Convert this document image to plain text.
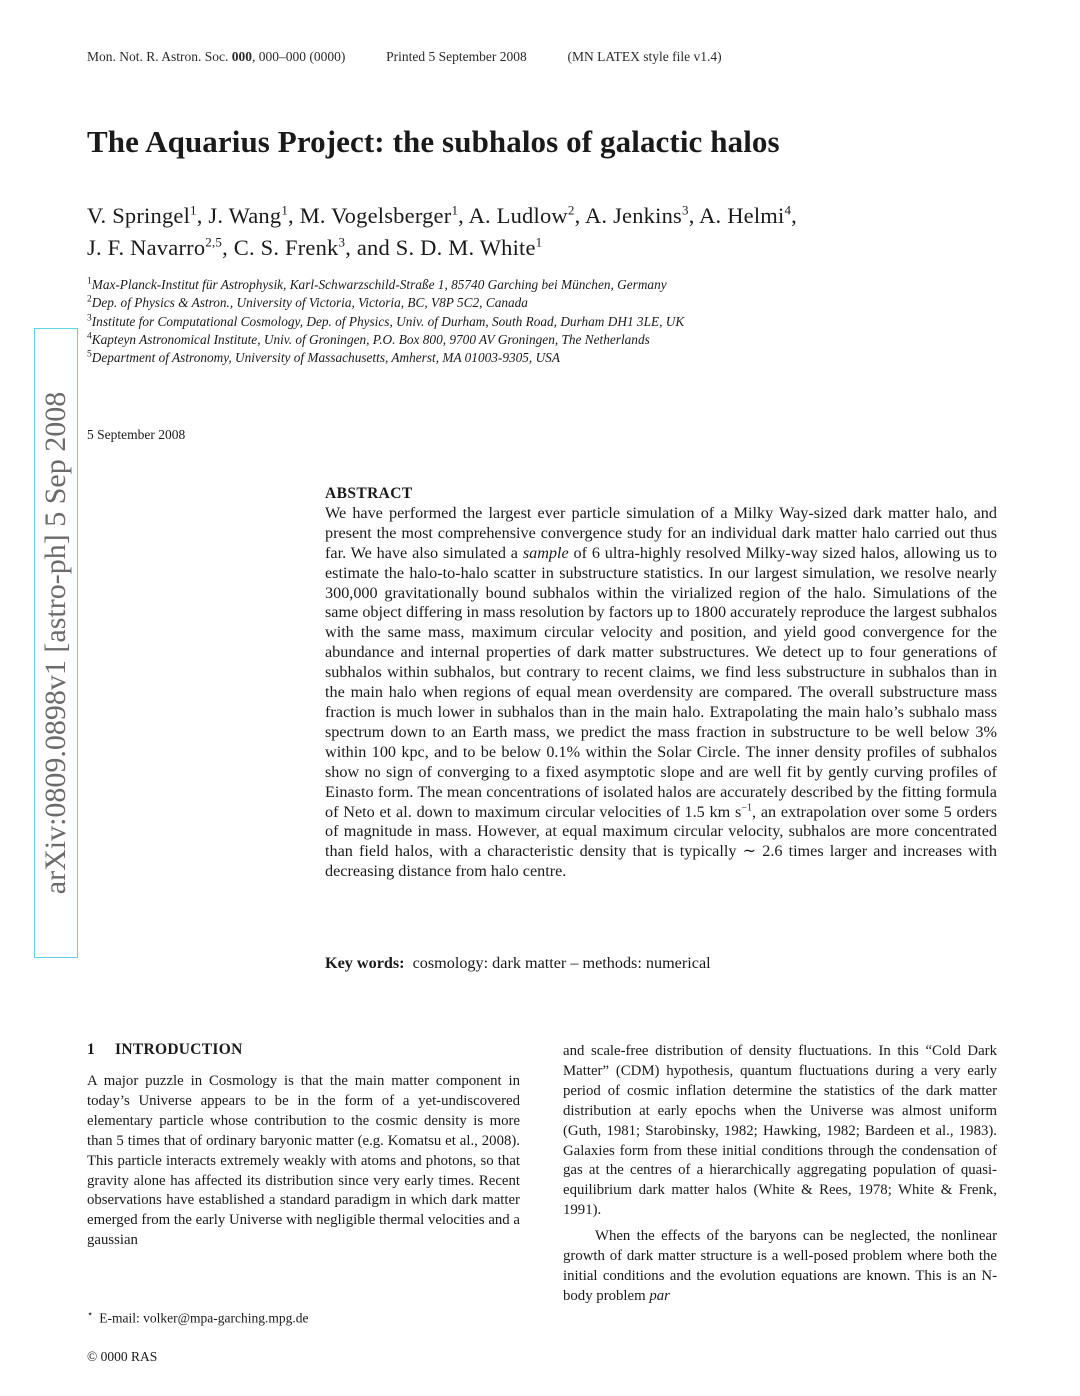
Mon. Not. R. Astron. Soc. 000, 000–000 (0000)	Printed 5 September 2008	(MN LATEX style file v1.4)
The Aquarius Project: the subhalos of galactic halos
V. Springel$^1$, J. Wang$^1$, M. Vogelsberger$^1$, A. Ludlow$^2$, A. Jenkins$^3$, A. Helmi$^4$,
J. F. Navarro$^{2,5}$, C. S. Frenk$^3$, and S. D. M. White$^1$
$^1$Max-Planck-Institut für Astrophysik, Karl-Schwarzschild-Straße 1, 85740 Garching bei München, Germany
$^2$Dep. of Physics & Astron., University of Victoria, Victoria, BC, V8P 5C2, Canada
$^3$Institute for Computational Cosmology, Dep. of Physics, Univ. of Durham, South Road, Durham DH1 3LE, UK
$^4$Kapteyn Astronomical Institute, Univ. of Groningen, P.O. Box 800, 9700 AV Groningen, The Netherlands
$^5$Department of Astronomy, University of Massachusetts, Amherst, MA 01003-9305, USA
arXiv:0809.0898v1 [astro-ph] 5 Sep 2008 5 September 2008
ABSTRACT
We have performed the largest ever particle simulation of a Milky Way-sized dark matter halo, and present the most comprehensive convergence study for an individual dark matter halo carried out thus far. We have also simulated a sample of 6 ultra-highly resolved Milky-way sized halos, allowing us to estimate the halo-to-halo scatter in substructure statistics. In our largest simulation, we resolve nearly 300,000 gravitationally bound subhalos within the virialized region of the halo. Simulations of the same object differing in mass resolution by factors up to 1800 accurately reproduce the largest subhalos with the same mass, maximum circular velocity and position, and yield good convergence for the abundance and internal properties of dark matter substructures. We detect up to four generations of subhalos within subhalos, but contrary to recent claims, we find less substructure in subhalos than in the main halo when regions of equal mean overdensity are compared. The overall substructure mass fraction is much lower in subhalos than in the main halo. Extrapolating the main halo’s subhalo mass spectrum down to an Earth mass, we predict the mass fraction in substructure to be well below 3% within 100 kpc, and to be below 0.1% within the Solar Circle. The inner density profiles of subhalos show no sign of converging to a fixed asymptotic slope and are well fit by gently curving profiles of Einasto form. The mean concentrations of isolated halos are accurately described by the fitting formula of Neto et al. down to maximum circular velocities of 1.5 km $s^{-1}$, an extrapolation over some 5 orders of magnitude in mass. However, at equal maximum circular velocity, subhalos are more concentrated than field halos, with a characteristic density that is typically ∼ 2.6 times larger and increases with decreasing distance from halo centre.
Key words: cosmology: dark matter – methods: numerical
1 INTRODUCTION

A major puzzle in Cosmology is that the main matter component in today’s Universe appears to be in the form of a yet-undiscovered elementary particle whose contribution to the cosmic density is more than 5 times that of ordinary baryonic matter (e.g. Komatsu et al., 2008). This particle interacts extremely weakly with atoms and photons, so that gravity alone has affected its distribution since very early times. Recent observations have established a standard paradigm in which dark matter emerged from the early Universe with negligible thermal velocities and a gaussian

and scale-free distribution of density fluctuations. In this “Cold Dark Matter” (CDM) hypothesis, quantum fluctuations during a very early period of cosmic inflation determine the statistics of the dark matter distribution at early epochs when the Universe was almost uniform (Guth, 1981; Starobinsky, 1982; Hawking, 1982; Bardeen et al., 1983). Galaxies form from these initial conditions through the condensation of gas at the centres of a hierarchically aggregating population of quasi-equilibrium dark matter halos (White & Rees, 1978; White & Frenk, 1991).

When the effects of the baryons can be neglected, the nonlinear growth of dark matter structure is a well-posed problem where both the initial conditions and the evolution equations are known. This is an N-body problem par

⋆ E-mail: volker@mpa-garching.mpg.de
© 0000 RAS
